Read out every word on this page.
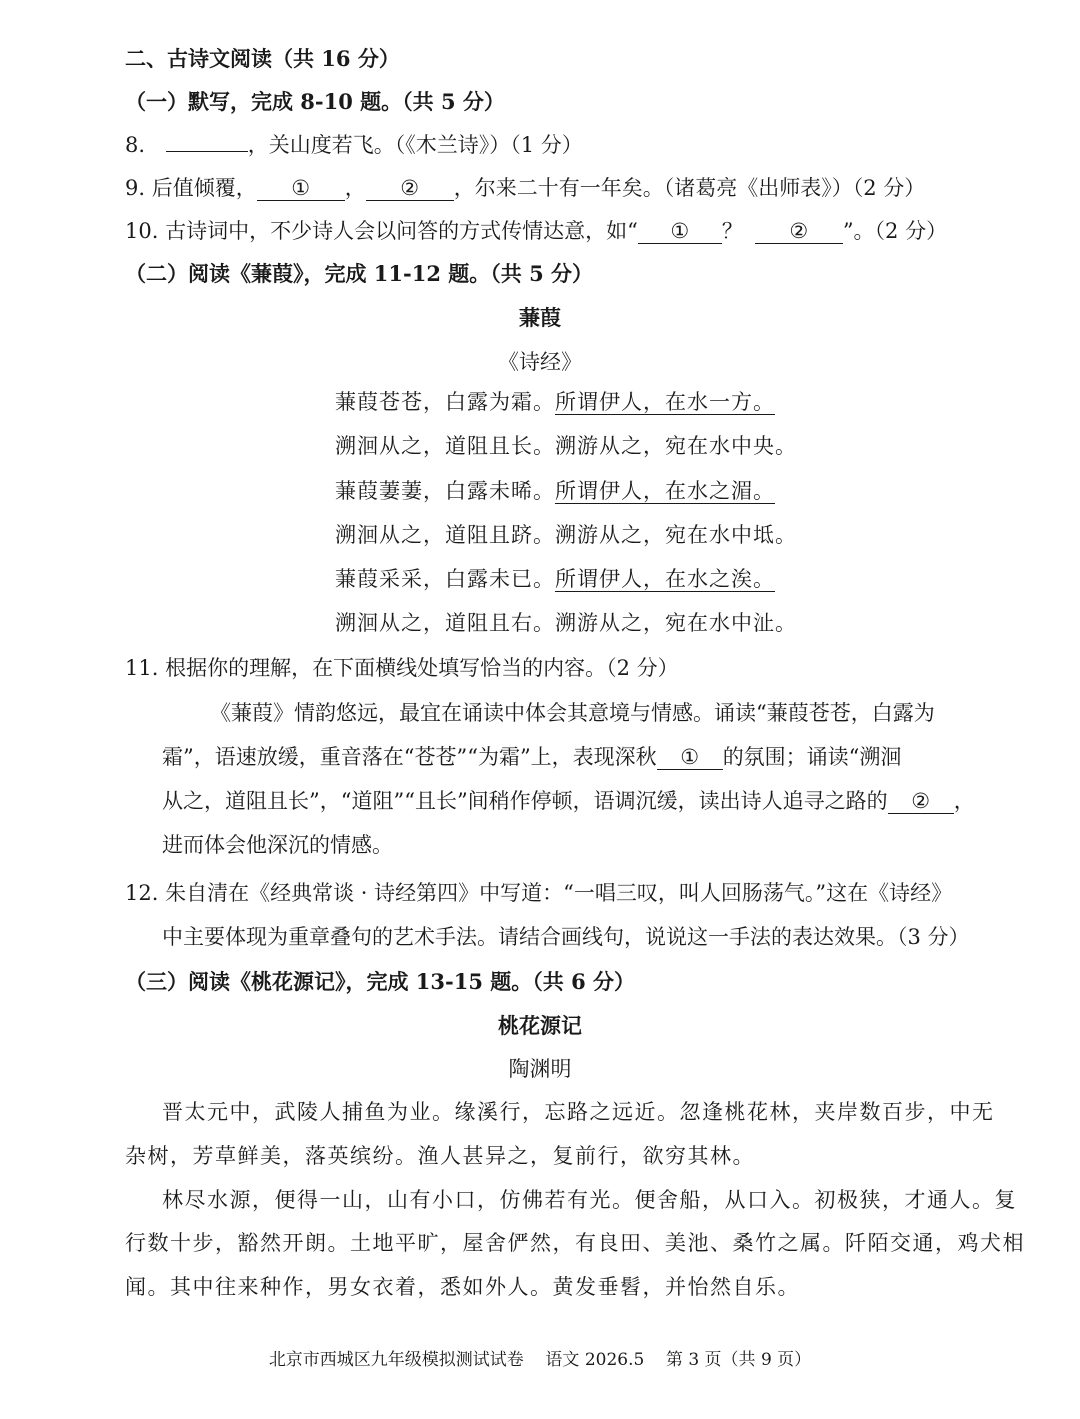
二、古诗文阅读（共 16 分）
（一）默写，完成 8-10 题。（共 5 分）
8.	，关山度若飞。（《木兰诗》）（1 分）
9. 后值倾覆， ① ， ② ，尔来二十有一年矣。（诸葛亮《出师表》）（2 分）
10. 古诗词中，不少诗人会以问答的方式传情达意，如“ ① ？ ② ”。（2 分）
（二）阅读《蒹葭》，完成 11-12 题。（共 5 分）
蒹葭
《诗经》
蒹葭苍苍，白露为霜。所谓伊人，在水一方。
溯洄从之，道阻且长。溯游从之，宛在水中央。
蒹葭萋萋，白露未晞。所谓伊人，在水之湄。
溯洄从之，道阻且跻。溯游从之，宛在水中坻。
蒹葭采采，白露未已。所谓伊人，在水之涘。
溯洄从之，道阻且右。溯游从之，宛在水中沚。
11. 根据你的理解，在下面横线处填写恰当的内容。（2 分）
《蒹葭》情韵悠远，最宜在诵读中体会其意境与情感。诵读“蒹葭苍苍，白露为
霜”，语速放缓，重音落在“苍苍”“为霜”上，表现深秋 ① 的氛围；诵读“溯洄
从之，道阻且长”，“道阻”“且长”间稍作停顿，语调沉缓，读出诗人追寻之路的 ② ，
进而体会他深沉的情感。
12. 朱自清在《经典常谈 · 诗经第四》中写道：“一唱三叹，叫人回肠荡气。”这在《诗经》
中主要体现为重章叠句的艺术手法。请结合画线句，说说这一手法的表达效果。（3 分）
（三）阅读《桃花源记》，完成 13-15 题。（共 6 分）
桃花源记
陶渊明
晋太元中，武陵人捕鱼为业。缘溪行，忘路之远近。忽逢桃花林，夹岸数百步，中无
杂树，芳草鲜美，落英缤纷。渔人甚异之，复前行，欲穷其林。
林尽水源，便得一山，山有小口，仿佛若有光。便舍船，从口入。初极狭，才通人。复
行数十步，豁然开朗。土地平旷，屋舍俨然，有良田、美池、桑竹之属。阡陌交通，鸡犬相
闻。其中往来种作，男女衣着，悉如外人。黄发垂髫，并怡然自乐。
北京市西城区九年级模拟测试试卷    语文 2026.5    第 3 页（共 9 页）
